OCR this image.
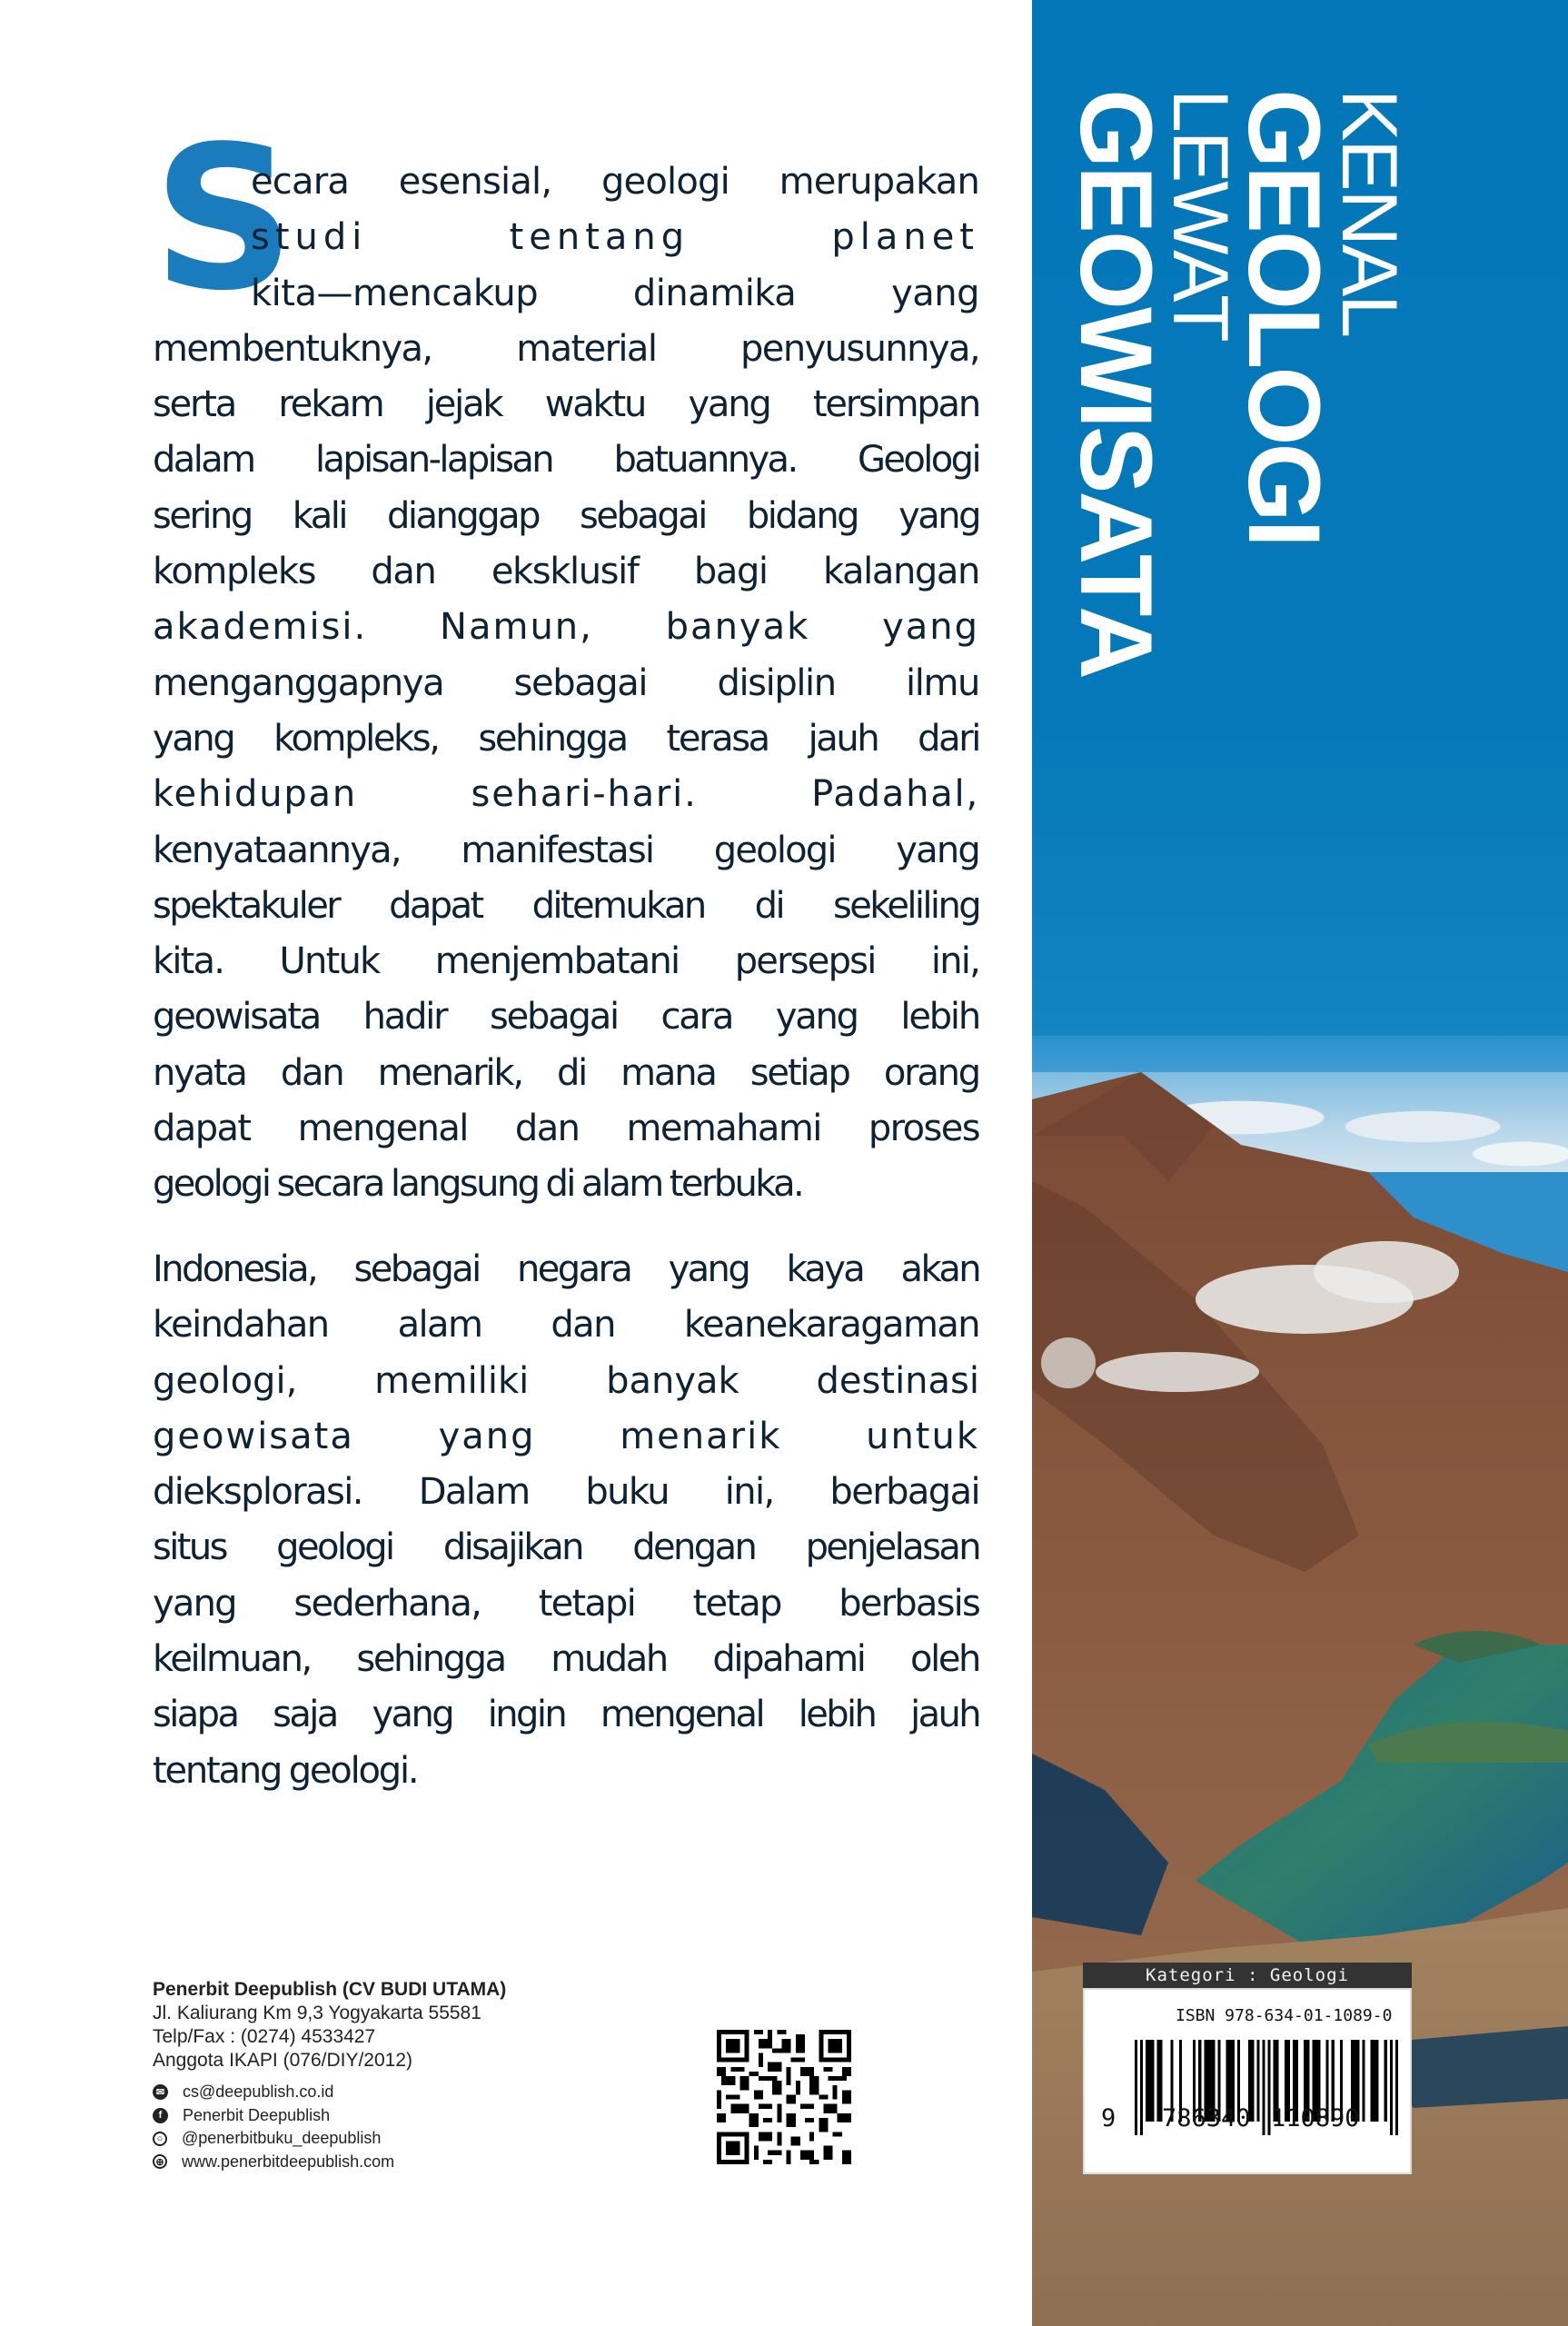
S
ecara esensial, geologi merupakan
studi tentang planet
kita—mencakup dinamika yang
membentuknya, material penyusunnya,
serta rekam jejak waktu yang tersimpan
dalam lapisan-lapisan batuannya. Geologi
sering kali dianggap sebagai bidang yang
kompleks dan eksklusif bagi kalangan
akademisi. Namun, banyak yang
menganggapnya sebagai disiplin ilmu
yang kompleks, sehingga terasa jauh dari
kehidupan sehari-hari. Padahal,
kenyataannya, manifestasi geologi yang
spektakuler dapat ditemukan di sekeliling
kita. Untuk menjembatani persepsi ini,
geowisata hadir sebagai cara yang lebih
nyata dan menarik, di mana setiap orang
dapat mengenal dan memahami proses
geologi secara langsung di alam terbuka.
Indonesia, sebagai negara yang kaya akan
keindahan alam dan keanekaragaman
geologi, memiliki banyak destinasi
geowisata yang menarik untuk
dieksplorasi. Dalam buku ini, berbagai
situs geologi disajikan dengan penjelasan
yang sederhana, tetapi tetap berbasis
keilmuan, sehingga mudah dipahami oleh
siapa saja yang ingin mengenal lebih jauh
tentang geologi.
Penerbit Deepublish (CV BUDI UTAMA)
Jl. Kaliurang Km 9,3 Yogyakarta 55581
Telp/Fax : (0274) 4533427
Anggota IKAPI (076/DIY/2012)
✉ cs@deepublish.co.id
f	Penerbit Deepublish
○ @penerbitbuku_deepublish
⊕ www.penerbitdeepublish.com
KENAL
GEOLOGI
LEWAT
GEOWISATA
Kategori : Geologi
ISBN 978-634-01-1089-0
9 786340 110890
